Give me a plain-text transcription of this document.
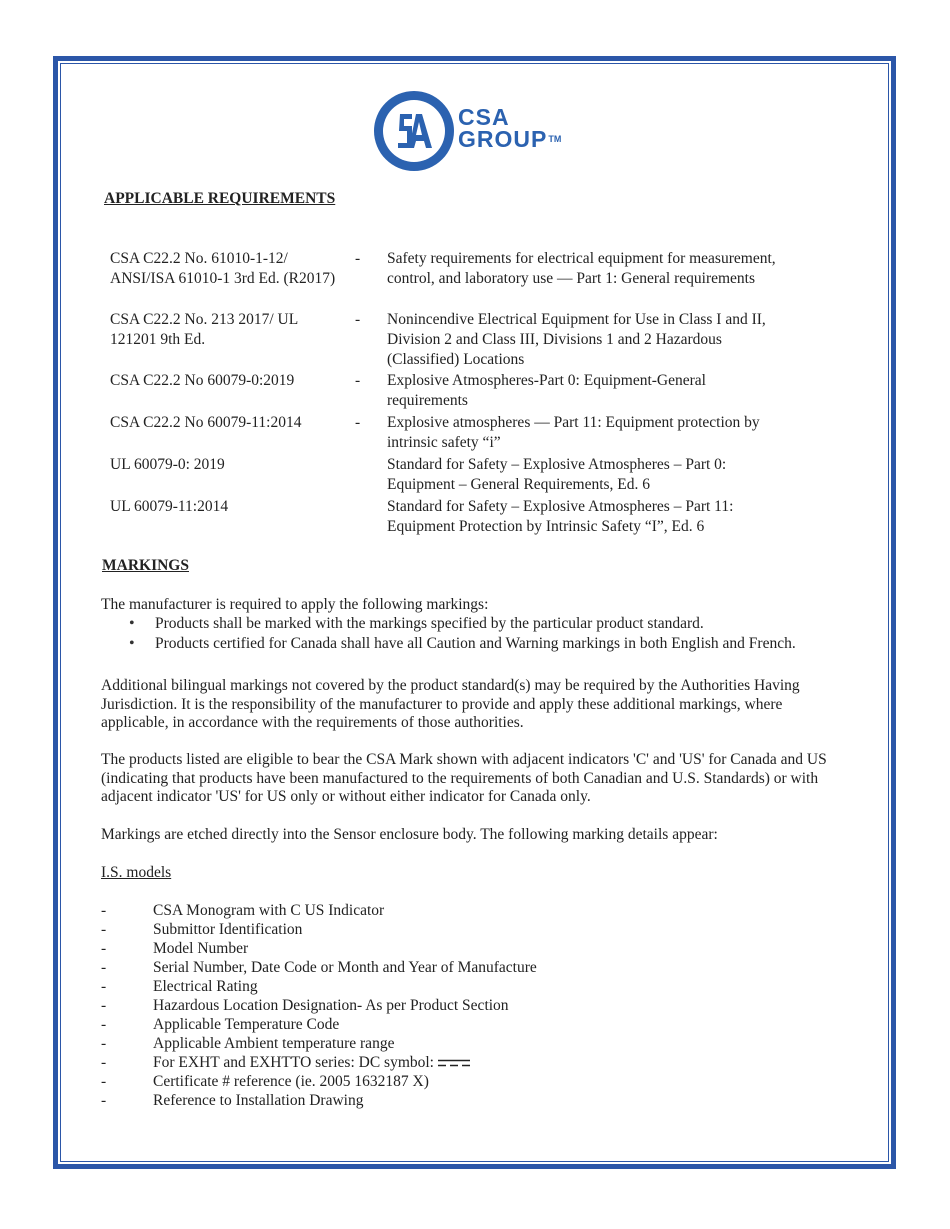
CSA
GROUP™
APPLICABLE REQUIREMENTS
CSA C22.2 No. 61010-1-12/ ANSI/ISA 61010-1 3rd Ed. (R2017)
- Safety requirements for electrical equipment for measurement, control, and laboratory use — Part 1: General requirements
CSA C22.2 No. 213 2017/ UL 121201 9th Ed.
- Nonincendive Electrical Equipment for Use in Class I and II, Division 2 and Class III, Divisions 1 and 2 Hazardous (Classified) Locations
CSA C22.2 No 60079-0:2019	- Explosive Atmospheres-Part 0: Equipment-General requirements
CSA C22.2 No 60079-11:2014	- Explosive atmospheres — Part 11: Equipment protection by intrinsic safety “i”
UL 60079-0: 2019	Standard for Safety – Explosive Atmospheres – Part 0: Equipment – General Requirements, Ed. 6
UL 60079-11:2014	Standard for Safety – Explosive Atmospheres – Part 11: Equipment Protection by Intrinsic Safety “I”, Ed. 6
MARKINGS
The manufacturer is required to apply the following markings:
• Products shall be marked with the markings specified by the particular product standard.
• Products certified for Canada shall have all Caution and Warning markings in both English and French.
Additional bilingual markings not covered by the product standard(s) may be required by the Authorities Having Jurisdiction. It is the responsibility of the manufacturer to provide and apply these additional markings, where applicable, in accordance with the requirements of those authorities.
The products listed are eligible to bear the CSA Mark shown with adjacent indicators 'C' and 'US' for Canada and US (indicating that products have been manufactured to the requirements of both Canadian and U.S. Standards) or with adjacent indicator 'US' for US only or without either indicator for Canada only.
Markings are etched directly into the Sensor enclosure body. The following marking details appear:
I.S. models
-	CSA Monogram with C US Indicator
-	Submittor Identification
-	Model Number
-	Serial Number, Date Code or Month and Year of Manufacture
-	Electrical Rating
-	Hazardous Location Designation- As per Product Section
-	Applicable Temperature Code
-	Applicable Ambient temperature range
-	For EXHT and EXHTTO series: DC symbol:
-	Certificate # reference (ie. 2005 1632187 X)
-	Reference to Installation Drawing
